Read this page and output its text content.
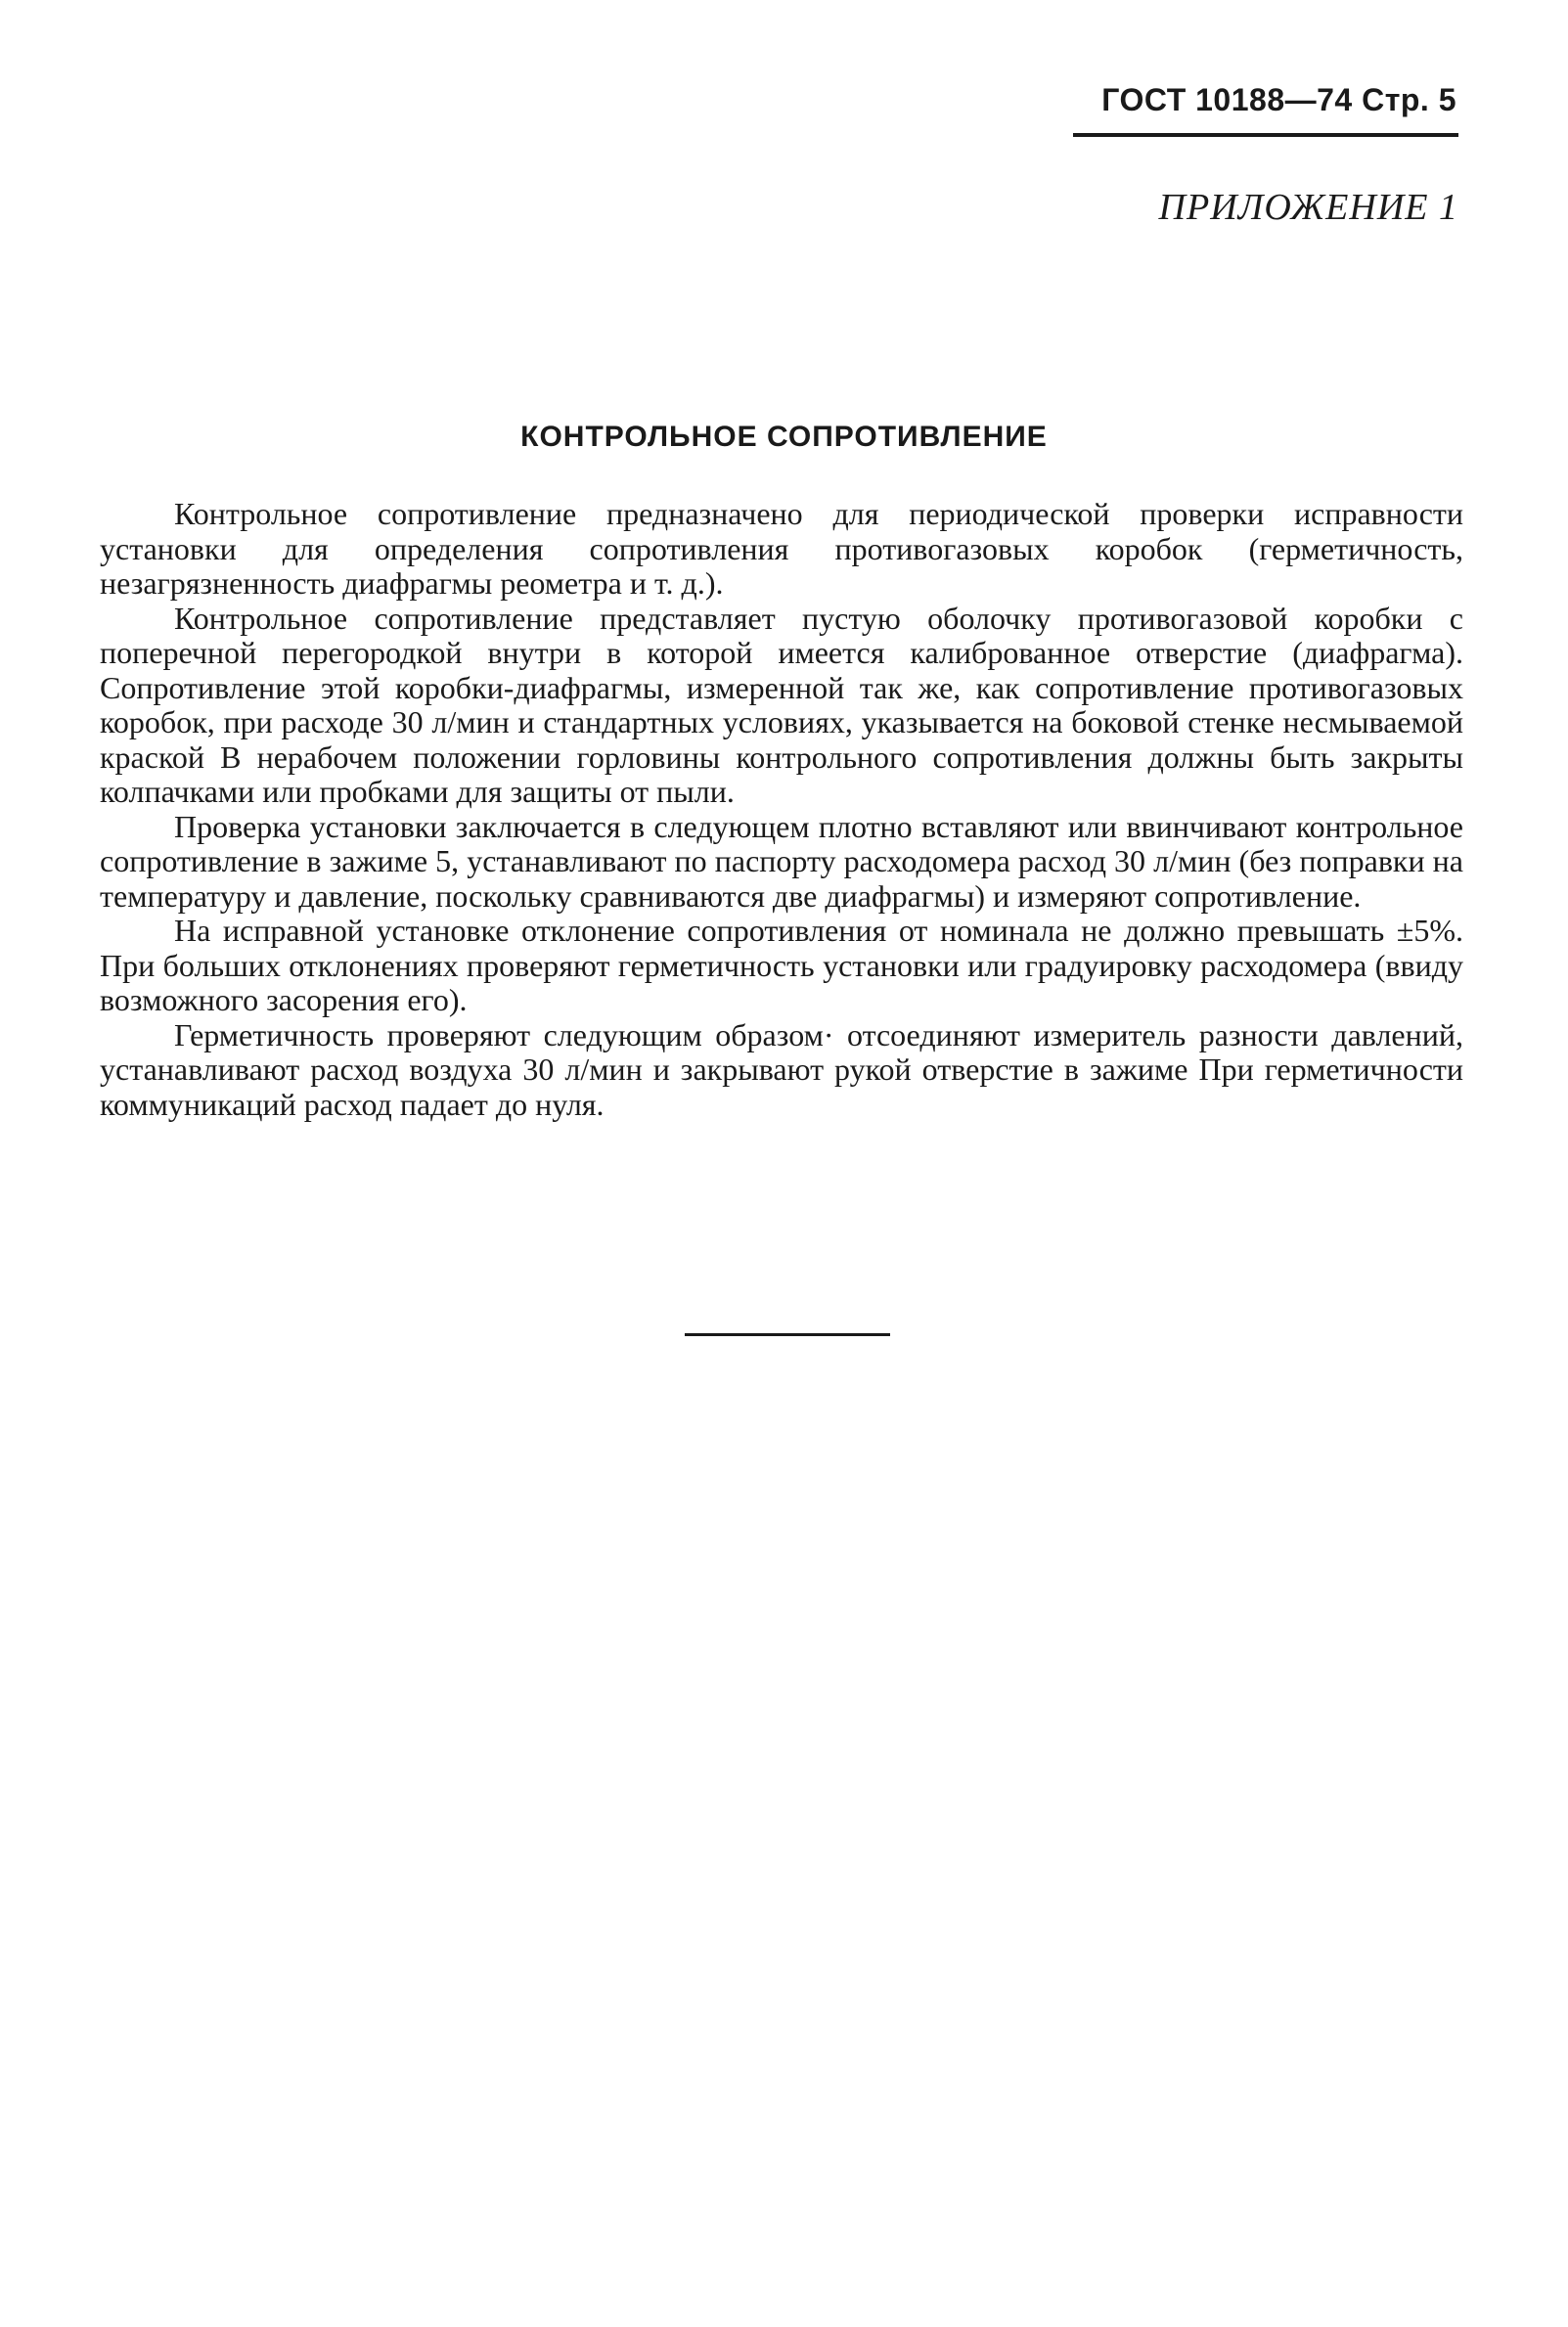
ГОСТ 10188—74 Стр. 5
ПРИЛОЖЕНИЕ 1
КОНТРОЛЬНОЕ СОПРОТИВЛЕНИЕ

Контрольное сопротивление предназначено для периодической проверки исправности установки для определения сопротивления противогазовых коробок (герметичность, незагрязненность диафрагмы реометра и т. д.).

Контрольное сопротивление представляет пустую оболочку противогазовой коробки с поперечной перегородкой внутри в которой имеется калиброванное отверстие (диафрагма). Сопротивление этой коробки-диафрагмы, измеренной так же, как сопротивление противогазовых коробок, при расходе 30 л/мин и стандартных условиях, указывается на боковой стенке несмываемой краской В нерабочем положении горловины контрольного сопротивления должны быть закрыты колпачками или пробками для защиты от пыли.

Проверка установки заключается в следующем плотно вставляют или ввинчивают контрольное сопротивление в зажиме 5, устанавливают по паспорту расходомера расход 30 л/мин (без поправки на температуру и давление, поскольку сравниваются две диафрагмы) и измеряют сопротивление.

На исправной установке отклонение сопротивления от номинала не должно превышать ±5%. При больших отклонениях проверяют герметичность установки или градуировку расходомера (ввиду возможного засорения его).

Герметичность проверяют следующим образом· отсоединяют измеритель разности давлений, устанавливают расход воздуха 30 л/мин и закрывают рукой отверстие в зажиме При герметичности коммуникаций расход падает до нуля.
